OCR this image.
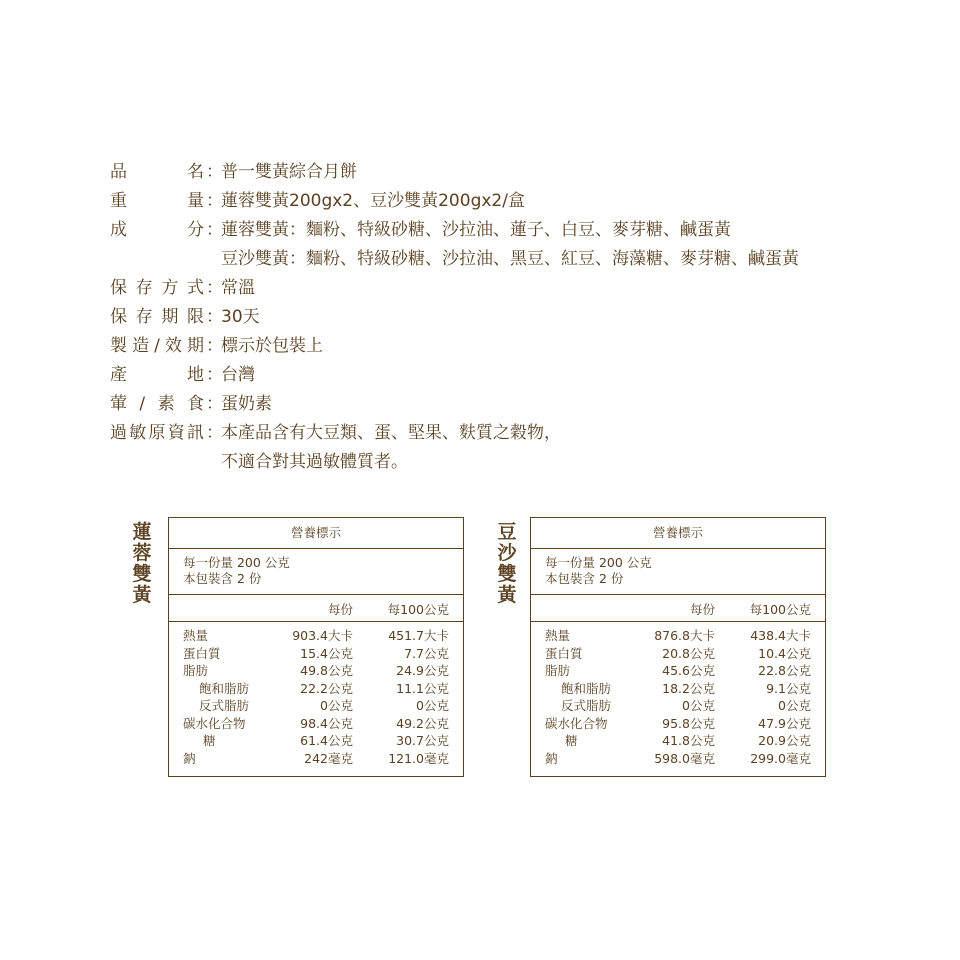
品	名 ：
普一雙黃綜合月餅
重	量 ：
蓮蓉雙黃200gx2、豆沙雙黃200gx2/盒
成	分 ：
蓮蓉雙黃：麵粉、特級砂糖、沙拉油、蓮子、白豆、麥芽糖、鹹蛋黃
豆沙雙黃：麵粉、特級砂糖、沙拉油、黑豆、紅豆、海藻糖、麥芽糖、鹹蛋黃
保 存 方 式 ：
常溫
保 存 期 限 ：
30天
製 造 / 效 期 ：
標示於包裝上
產	地 ：
台灣
葷 / 素 食 ：
蛋奶素
過 敏 原 資 訊 ：
本產品含有大豆類、蛋、堅果、麩質之穀物，
不適合對其過敏體質者。
蓮
蓉
雙
黃
營養標示
每一份量 200 公克
本包裝含 2 份
每份	每100公克
熱量	903.4大卡	451.7大卡
蛋白質	15.4公克	7.7公克
脂肪	49.8公克	24.9公克
飽和脂肪	22.2公克	11.1公克
反式脂肪	0公克	0公克
碳水化合物	98.4公克	49.2公克
糖	61.4公克	30.7公克
鈉	242毫克	121.0毫克
豆
沙
雙
黃
營養標示
每一份量 200 公克
本包裝含 2 份
每份	每100公克
熱量	876.8大卡	438.4大卡
蛋白質	20.8公克	10.4公克
脂肪	45.6公克	22.8公克
飽和脂肪	18.2公克	9.1公克
反式脂肪	0公克	0公克
碳水化合物	95.8公克	47.9公克
糖	41.8公克	20.9公克
鈉	598.0毫克	299.0毫克
